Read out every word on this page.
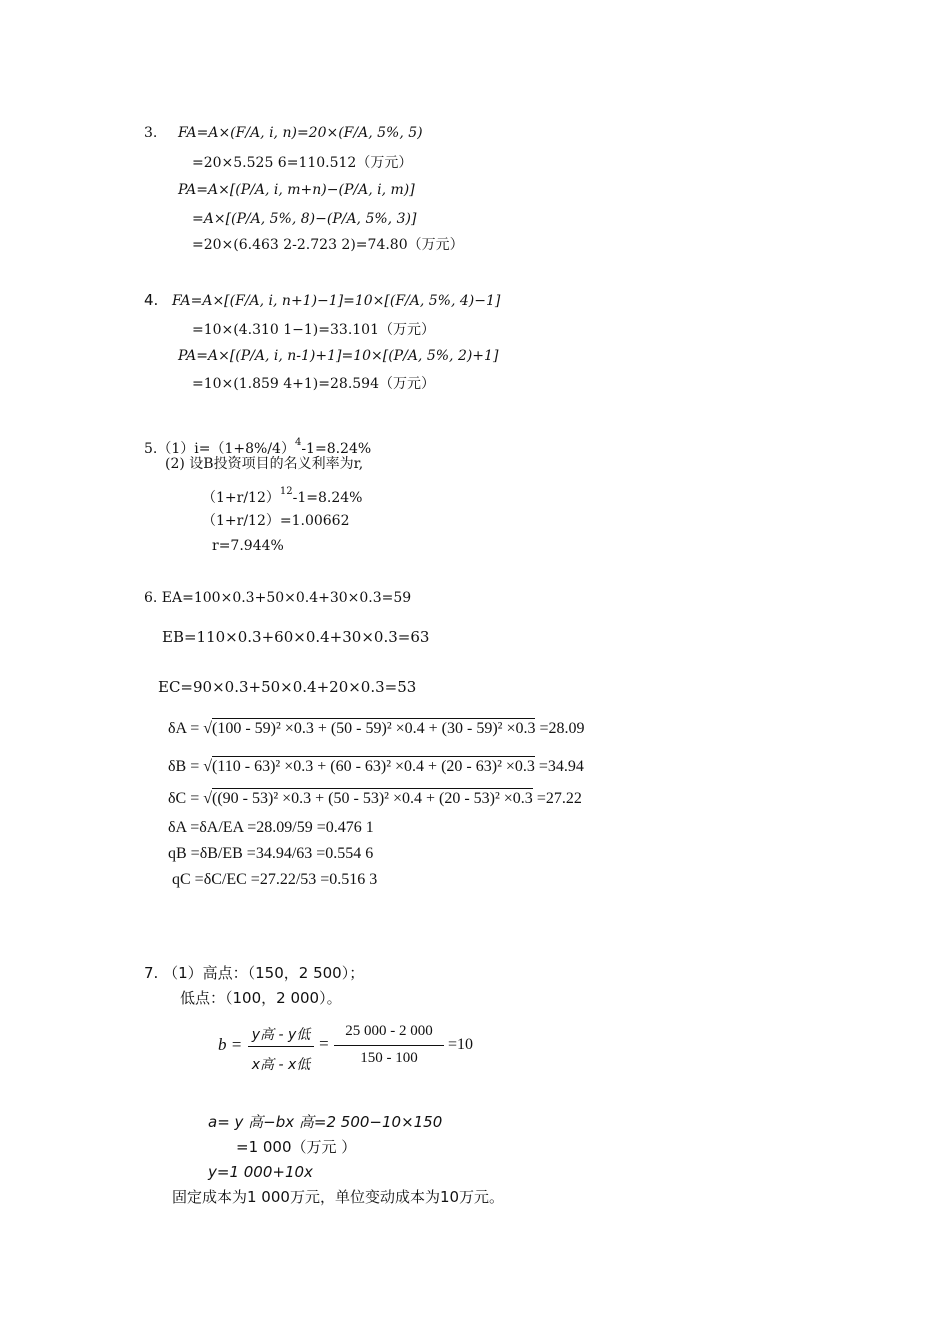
3. FA=A×(F/A, i, n)=20×(F/A, 5%, 5)
=20×5.525 6=110.512（万元）
PA=A×[(P/A, i, m+n)−(P/A, i, m)]
=A×[(P/A, 5%, 8)−(P/A, 5%, 3)]
=20×(6.463 2-2.723 2)=74.80（万元）
4. FA=A×[(F/A, i, n+1)−1]=10×[(F/A, 5%, 4)−1]
=10×(4.310 1−1)=33.101（万元）
PA=A×[(P/A, i, n-1)+1]=10×[(P/A, 5%, 2)+1]
=10×(1.859 4+1)=28.594（万元）
$5.(1)i=(1+8\%/4)^4-1=8.24\%$
(2) 设B投资项目的名义利率为r,
$(1+r/12)^{12}-1=8.24\%$
（1+r/12）=1.00662
r=7.944%
6. EA=100×0.3+50×0.4+30×0.3=59
EB=110×0.3+60×0.4+30×0.3=63
EC=90×0.3+50×0.4+20×0.3=53
δA = √(100 - 59)² ×0.3 + (50 - 59)² ×0.4 + (30 - 59)² ×0.3 =28.09
δB = √(110 - 63)² ×0.3 + (60 - 63)² ×0.4 + (20 - 63)² ×0.3 =34.94
δC = √((90 - 53)² ×0.3 + (50 - 53)² ×0.4 + (20 - 53)² ×0.3 =27.22
δA =δA/EA =28.09/59 =0.476 1
qB =δB/EB =34.94/63 =0.554 6
qC =δC/EC =27.22/53 =0.516 3
7. （1）高点：（150，2 500）；
低点：（100，2 000）。
b = y高 - y低
x高 - x低
=
25 000 - 2 000
150 - 100
=10
a= y 高−bx 高=2 500−10×150
=1 000（万元 ）
y=1 000+10x
固定成本为1 000万元，单位变动成本为10万元。
